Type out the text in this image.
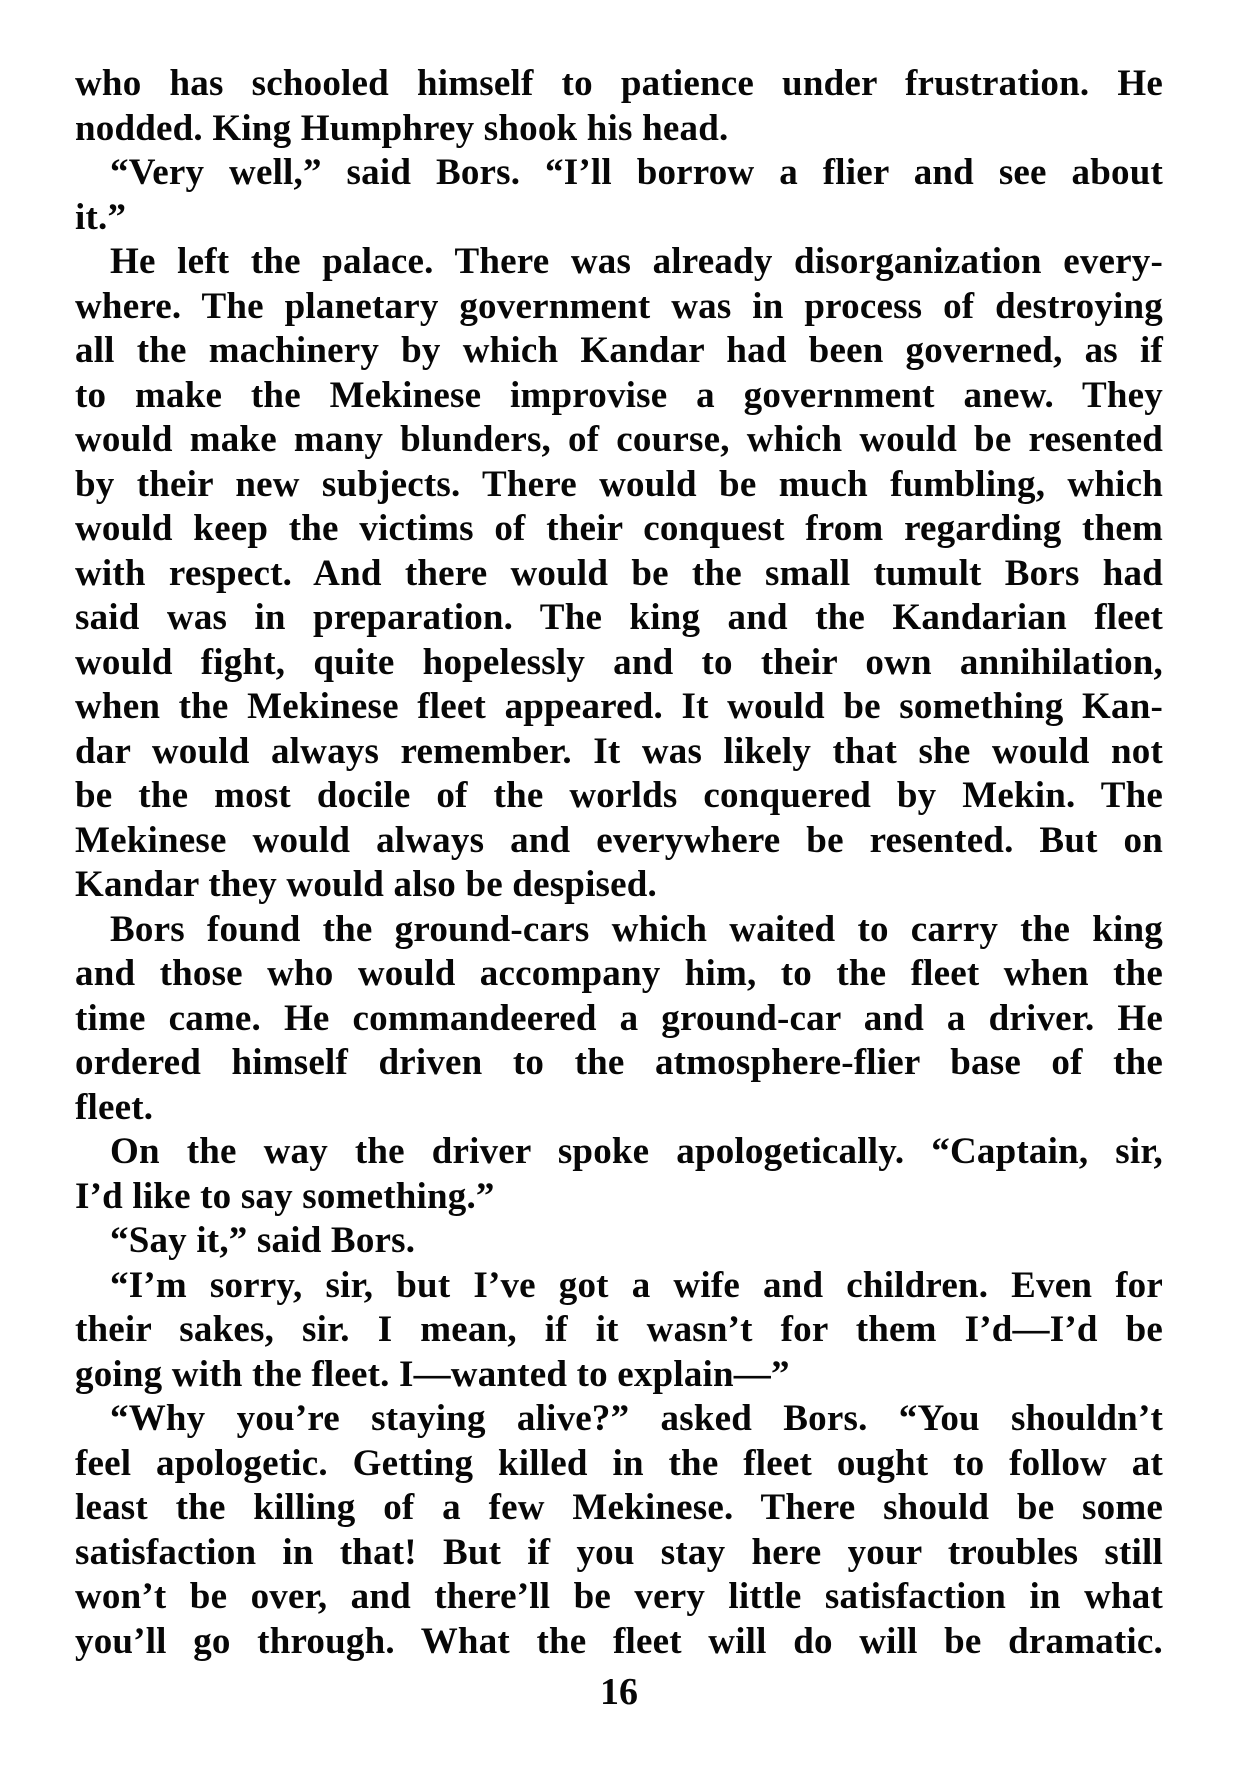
who has schooled himself to patience under frustration. He
nodded. King Humphrey shook his head.
“Very well,” said Bors. “I’ll borrow a flier and see about
it.”
He left the palace. There was already disorganization every-
where. The planetary government was in process of destroying
all the machinery by which Kandar had been governed, as if
to make the Mekinese improvise a government anew. They
would make many blunders, of course, which would be resented
by their new subjects. There would be much fumbling, which
would keep the victims of their conquest from regarding them
with respect. And there would be the small tumult Bors had
said was in preparation. The king and the Kandarian fleet
would fight, quite hopelessly and to their own annihilation,
when the Mekinese fleet appeared. It would be something Kan-
dar would always remember. It was likely that she would not
be the most docile of the worlds conquered by Mekin. The
Mekinese would always and everywhere be resented. But on
Kandar they would also be despised.
Bors found the ground-cars which waited to carry the king
and those who would accompany him, to the fleet when the
time came. He commandeered a ground-car and a driver. He
ordered himself driven to the atmosphere-flier base of the
fleet.
On the way the driver spoke apologetically. “Captain, sir,
I’d like to say something.”
“Say it,” said Bors.
“I’m sorry, sir, but I’ve got a wife and children. Even for
their sakes, sir. I mean, if it wasn’t for them I’d—I’d be
going with the fleet. I—wanted to explain—”
“Why you’re staying alive?” asked Bors. “You shouldn’t
feel apologetic. Getting killed in the fleet ought to follow at
least the killing of a few Mekinese. There should be some
satisfaction in that! But if you stay here your troubles still
won’t be over, and there’ll be very little satisfaction in what
you’ll go through. What the fleet will do will be dramatic.
16
